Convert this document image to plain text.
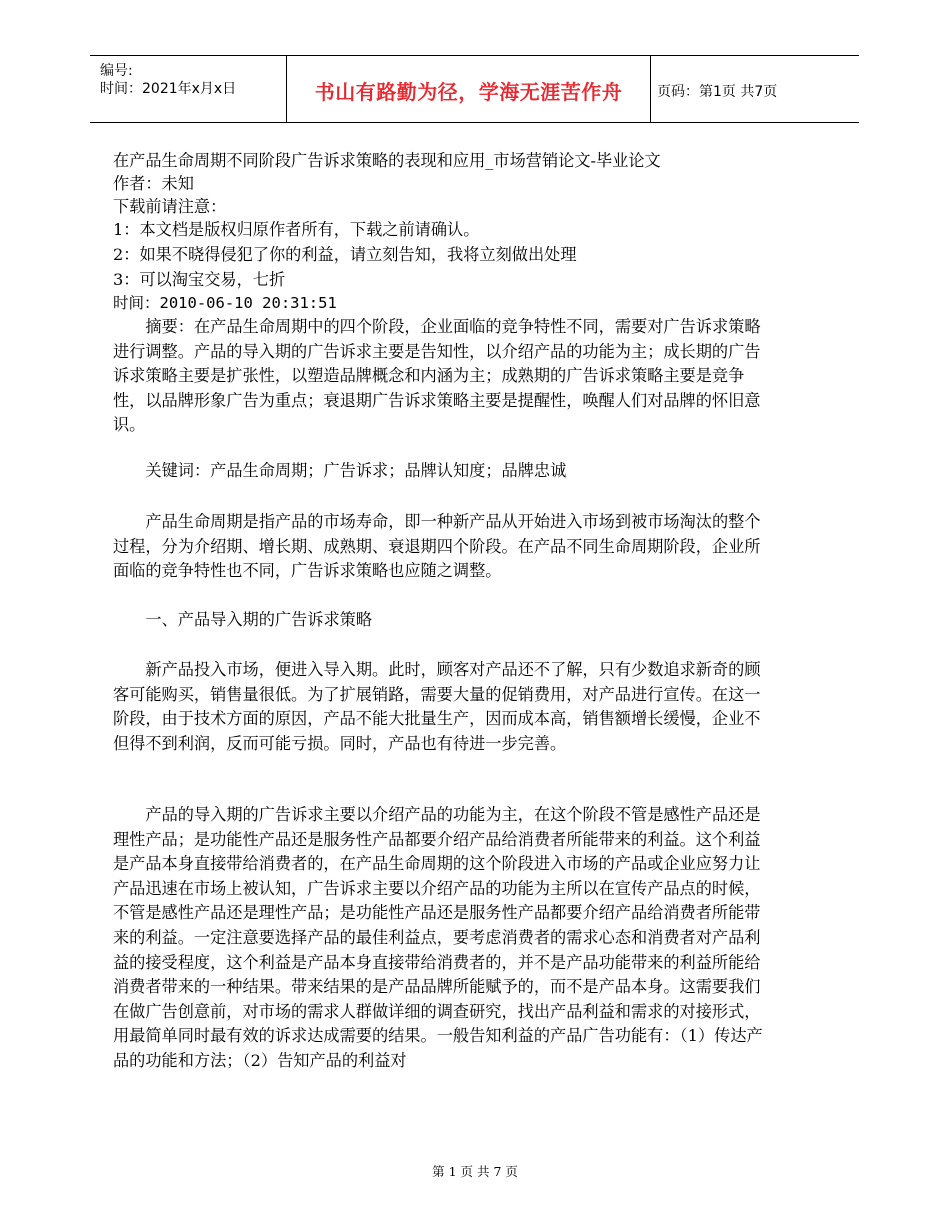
编号:
时间：2021年x月x日	书山有路勤为径，学海无涯苦作舟	页码：第1页 共7页
在产品生命周期不同阶段广告诉求策略的表现和应用_市场营销论文-毕业论文
作者：未知
下载前请注意：
1：本文档是版权归原作者所有，下载之前请确认。
2：如果不晓得侵犯了你的利益，请立刻告知，我将立刻做出处理
3：可以淘宝交易，七折
时间：2010-06-10 20:31:51

摘要：在产品生命周期中的四个阶段，企业面临的竞争特性不同，需要对广告诉求策略进行调整。产品的导入期的广告诉求主要是告知性，以介绍产品的功能为主；成长期的广告诉求策略主要是扩张性，以塑造品牌概念和内涵为主；成熟期的广告诉求策略主要是竞争性，以品牌形象广告为重点；衰退期广告诉求策略主要是提醒性，唤醒人们对品牌的怀旧意识。

关键词：产品生命周期；广告诉求；品牌认知度；品牌忠诚

产品生命周期是指产品的市场寿命，即一种新产品从开始进入市场到被市场淘汰的整个过程，分为介绍期、增长期、成熟期、衰退期四个阶段。在产品不同生命周期阶段，企业所面临的竞争特性也不同，广告诉求策略也应随之调整。

一、产品导入期的广告诉求策略

新产品投入市场，便进入导入期。此时，顾客对产品还不了解，只有少数追求新奇的顾客可能购买，销售量很低。为了扩展销路，需要大量的促销费用，对产品进行宣传。在这一阶段，由于技术方面的原因，产品不能大批量生产，因而成本高，销售额增长缓慢，企业不但得不到利润，反而可能亏损。同时，产品也有待进一步完善。

产品的导入期的广告诉求主要以介绍产品的功能为主，在这个阶段不管是感性产品还是理性产品；是功能性产品还是服务性产品都要介绍产品给消费者所能带来的利益。这个利益是产品本身直接带给消费者的，在产品生命周期的这个阶段进入市场的产品或企业应努力让产品迅速在市场上被认知，广告诉求主要以介绍产品的功能为主所以在宣传产品点的时候，不管是感性产品还是理性产品；是功能性产品还是服务性产品都要介绍产品给消费者所能带来的利益。一定注意要选择产品的最佳利益点，要考虑消费者的需求心态和消费者对产品利益的接受程度，这个利益是产品本身直接带给消费者的，并不是产品功能带来的利益所能给消费者带来的一种结果。带来结果的是产品品牌所能赋予的，而不是产品本身。这需要我们在做广告创意前，对市场的需求人群做详细的调查研究，找出产品利益和需求的对接形式，用最简单同时最有效的诉求达成需要的结果。一般告知利益的产品广告功能有：（1）传达产品的功能和方法；（2）告知产品的利益对

第 1 页 共 7 页
